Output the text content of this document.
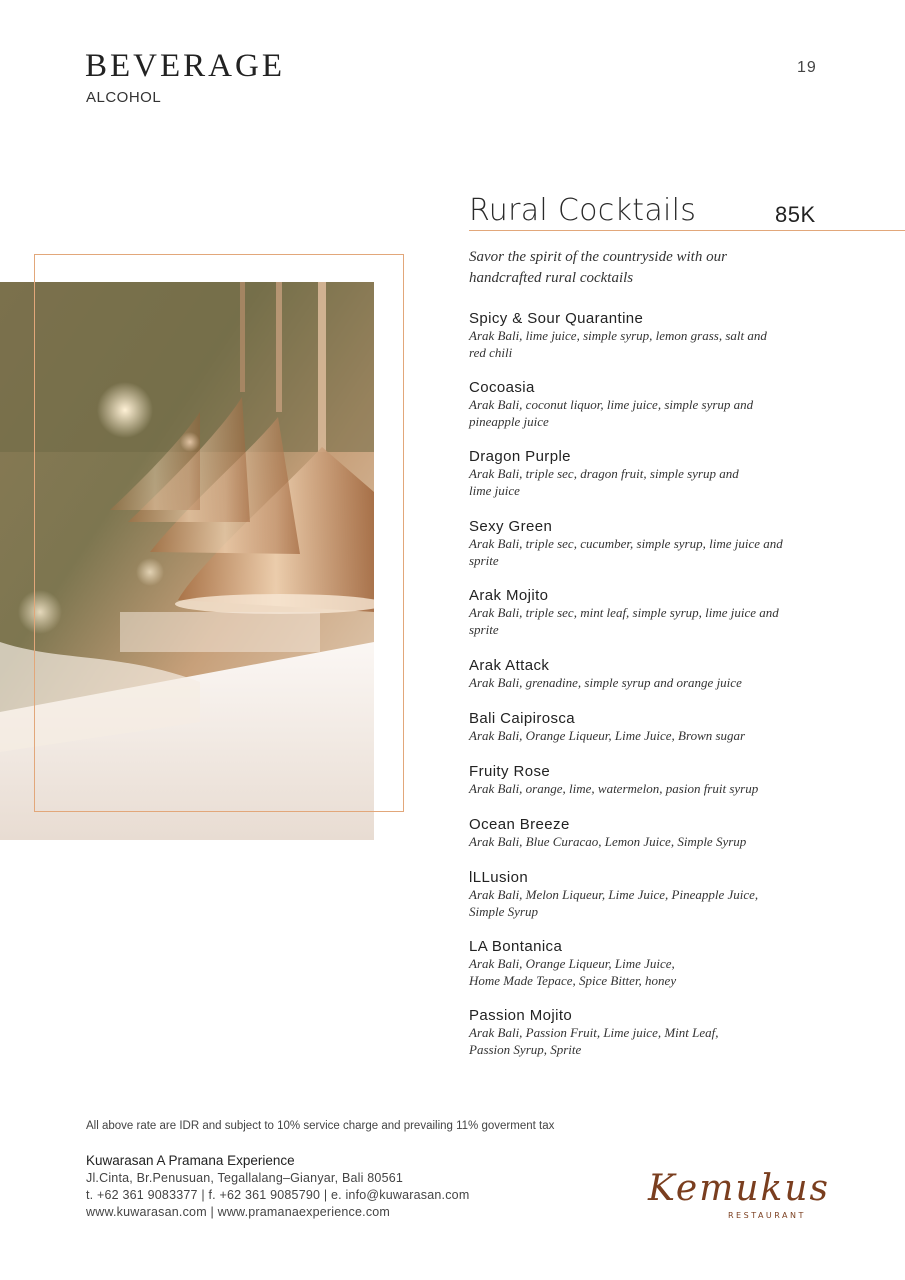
BEVERAGE
ALCOHOL
19
Rural Cocktails	85K
Savor the spirit of the countryside with our handcrafted rural cocktails
Spicy & Sour Quarantine
Arak Bali, lime juice, simple syrup, lemon grass, salt and red chili
Cocoasia
Arak Bali, coconut liquor, lime juice, simple syrup and pineapple juice
Dragon Purple
Arak Bali, triple sec, dragon fruit, simple syrup and lime juice
Sexy Green
Arak Bali, triple sec, cucumber, simple syrup, lime juice and sprite
Arak Mojito
Arak Bali, triple sec, mint leaf, simple syrup, lime juice and sprite
Arak Attack
Arak Bali, grenadine, simple syrup and orange juice
Bali Caipirosca
Arak Bali, Orange Liqueur, Lime Juice, Brown sugar
Fruity Rose
Arak Bali, orange, lime, watermelon, pasion fruit syrup
Ocean Breeze
Arak Bali, Blue Curacao, Lemon Juice, Simple Syrup
lLLusion
Arak Bali, Melon Liqueur, Lime Juice, Pineapple Juice, Simple Syrup
LA Bontanica
Arak Bali, Orange Liqueur, Lime Juice, Home Made Tepace, Spice Bitter, honey
Passion Mojito
Arak Bali, Passion Fruit, Lime juice, Mint Leaf, Passion Syrup, Sprite
All above rate are IDR and subject to 10% service charge and prevailing 11% goverment tax
Kuwarasan A Pramana Experience
Jl.Cinta, Br.Penusuan, Tegallalang–Gianyar, Bali 80561
t. +62 361 9083377 | f. +62 361 9085790 | e. info@kuwarasan.com
www.kuwarasan.com | www.pramanaexperience.com
Kemukus
RESTAURANT
